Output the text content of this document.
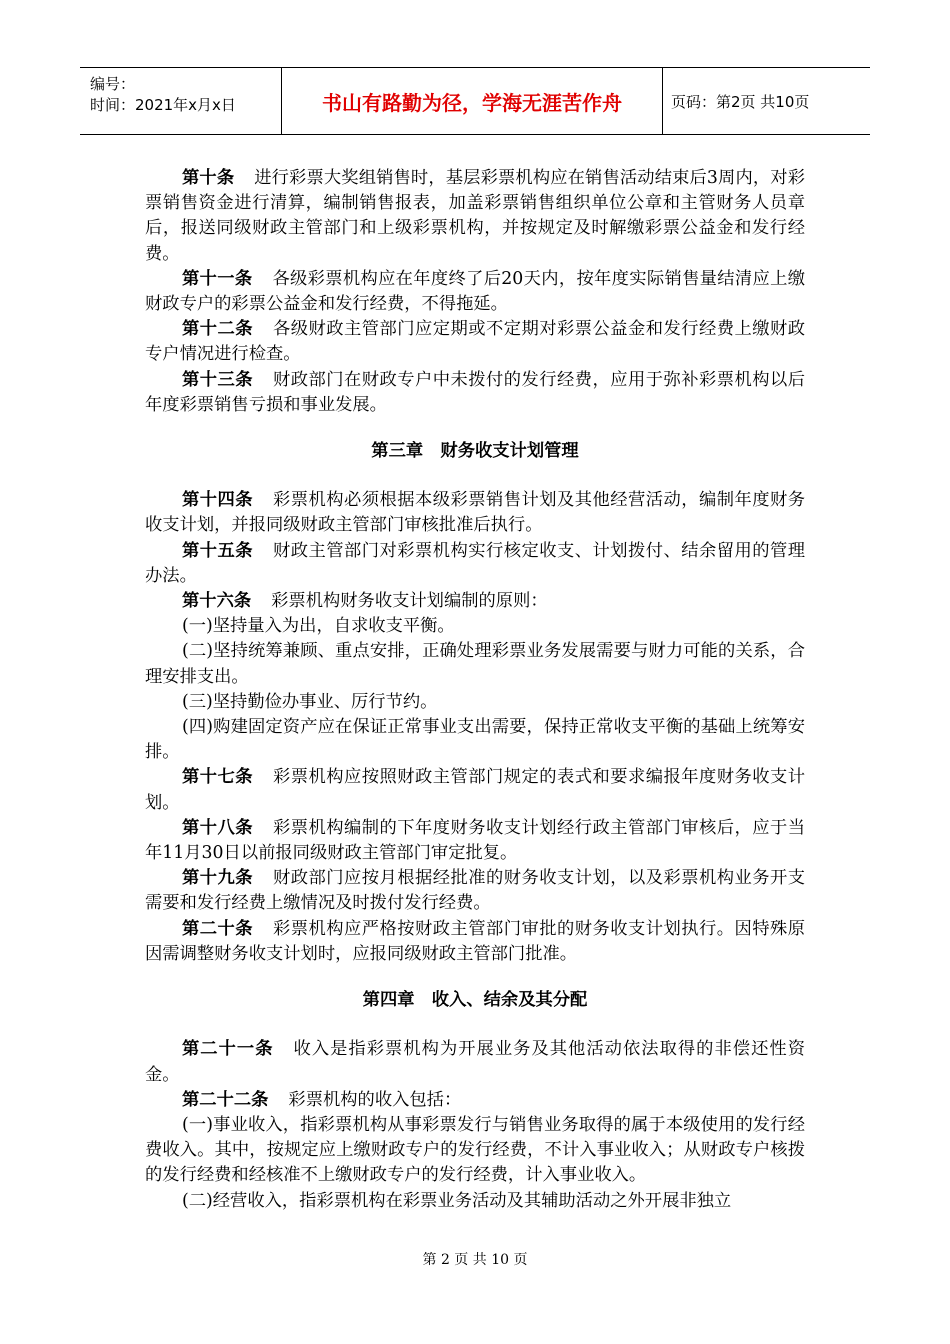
编号：
时间：2021年x月x日	书山有路勤为径，学海无涯苦作舟	页码：第2页 共10页

第十条 进行彩票大奖组销售时，基层彩票机构应在销售活动结束后3周内，对彩票销售资金进行清算，编制销售报表，加盖彩票销售组织单位公章和主管财务人员章后，报送同级财政主管部门和上级彩票机构，并按规定及时解缴彩票公益金和发行经费。

第十一条 各级彩票机构应在年度终了后20天内，按年度实际销售量结清应上缴财政专户的彩票公益金和发行经费，不得拖延。

第十二条 各级财政主管部门应定期或不定期对彩票公益金和发行经费上缴财政专户情况进行检查。

第十三条 财政部门在财政专户中未拨付的发行经费，应用于弥补彩票机构以后年度彩票销售亏损和事业发展。

第三章　财务收支计划管理

第十四条 彩票机构必须根据本级彩票销售计划及其他经营活动，编制年度财务收支计划，并报同级财政主管部门审核批准后执行。

第十五条 财政主管部门对彩票机构实行核定收支、计划拨付、结余留用的管理办法。

第十六条 彩票机构财务收支计划编制的原则：

(一)坚持量入为出，自求收支平衡。

(二)坚持统筹兼顾、重点安排，正确处理彩票业务发展需要与财力可能的关系，合理安排支出。

(三)坚持勤俭办事业、厉行节约。

(四)购建固定资产应在保证正常事业支出需要，保持正常收支平衡的基础上统筹安排。

第十七条 彩票机构应按照财政主管部门规定的表式和要求编报年度财务收支计划。

第十八条 彩票机构编制的下年度财务收支计划经行政主管部门审核后，应于当年11月30日以前报同级财政主管部门审定批复。

第十九条 财政部门应按月根据经批准的财务收支计划，以及彩票机构业务开支需要和发行经费上缴情况及时拨付发行经费。

第二十条 彩票机构应严格按财政主管部门审批的财务收支计划执行。因特殊原因需调整财务收支计划时，应报同级财政主管部门批准。

第四章　收入、结余及其分配

第二十一条 收入是指彩票机构为开展业务及其他活动依法取得的非偿还性资金。

第二十二条 彩票机构的收入包括：

(一)事业收入，指彩票机构从事彩票发行与销售业务取得的属于本级使用的发行经费收入。其中，按规定应上缴财政专户的发行经费，不计入事业收入；从财政专户核拨的发行经费和经核准不上缴财政专户的发行经费，计入事业收入。

(二)经营收入，指彩票机构在彩票业务活动及其辅助活动之外开展非独立

第 2 页 共 10 页
